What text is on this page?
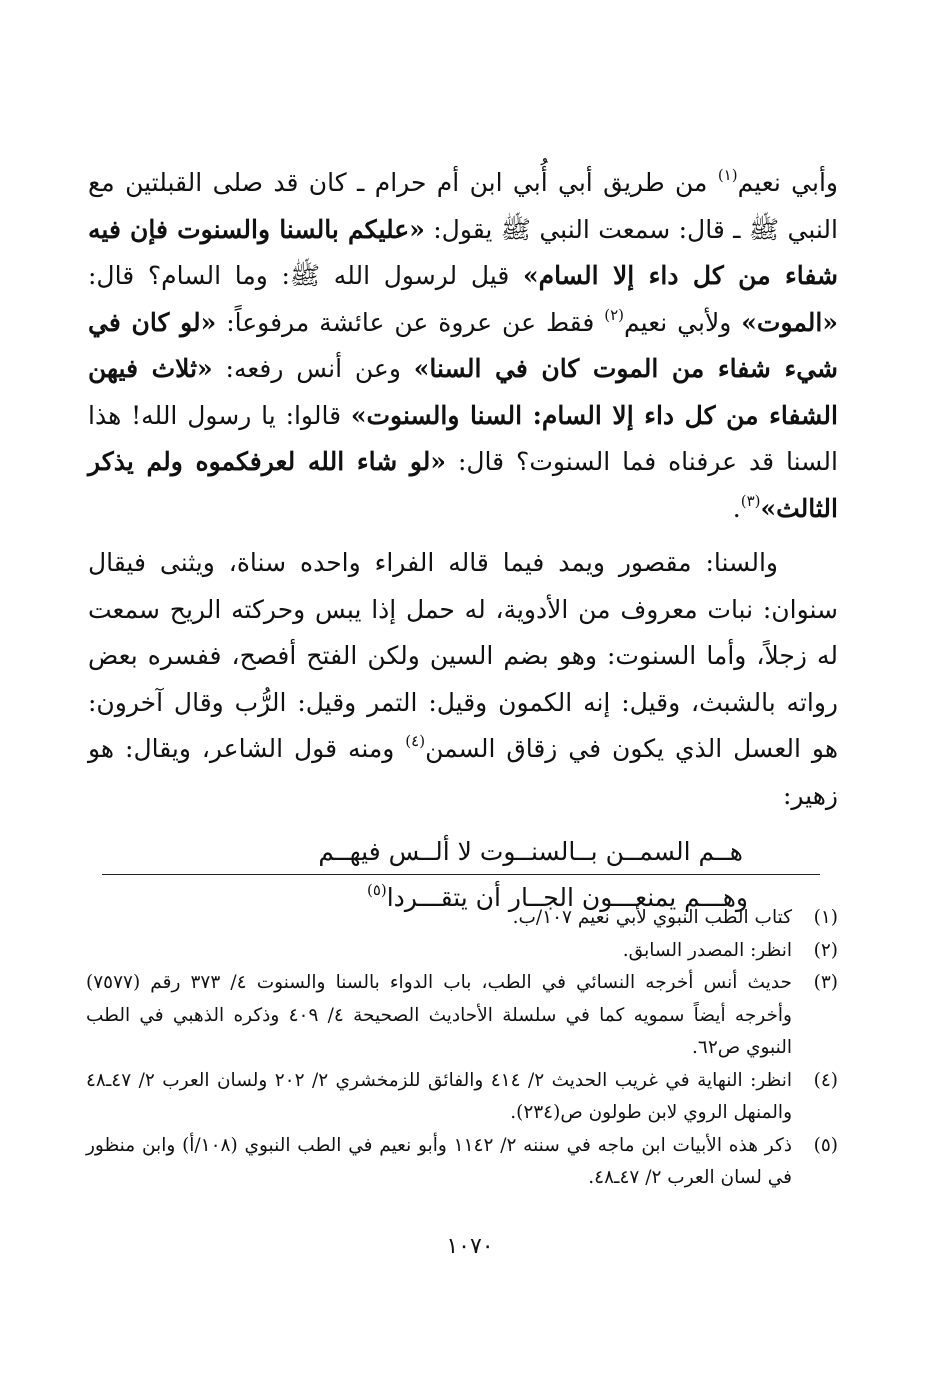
وأبي نعيم$^{(١)}$ من طريق أبي أُبي ابن أم حرام ـ كان قد صلى القبلتين مع النبي ﷺ ـ قال: سمعت النبي ﷺ يقول: «عليكم بالسنا والسنوت فإن فيه شفاء من كل داء إلا السام» قيل لرسول الله ﷺ: وما السام؟ قال: «الموت» ولأبي نعيم$^{(٢)}$ فقط عن عروة عن عائشة مرفوعاً: «لو كان في شيء شفاء من الموت كان في السنا» وعن أنس رفعه: «ثلاث فيهن الشفاء من كل داء إلا السام: السنا والسنوت» قالوا: يا رسول الله! هذا السنا قد عرفناه فما السنوت؟ قال: «لو شاء الله لعرفكموه ولم يذكر الثالث»$^{(٣)}$.

والسنا: مقصور ويمد فيما قاله الفراء واحده سناة، ويثنى فيقال سنوان: نبات معروف من الأدوية، له حمل إذا يبس وحركته الريح سمعت له زجلاً، وأما السنوت: وهو بضم السين ولكن الفتح أفصح، ففسره بعض رواته بالشبث، وقيل: إنه الكمون وقيل: التمر وقيل: الرُّب وقال آخرون: هو العسل الذي يكون في زقاق السمن$^{(٤)}$ ومنه قول الشاعر، ويقال: هو زهير:

هــم السمــن بــالسنــوت لا ألــس فيهــم
وهـــم يمنعـــون الجــار أن يتقـــردا$^{(٥)}$
(١)
كتاب الطب النبوي لأبي نعيم ١٠٧/ب.
(٢)
انظر: المصدر السابق.
(٣)
حديث أنس أخرجه النسائي في الطب، باب الدواء بالسنا والسنوت ٤/ ٣٧٣ رقم (٧٥٧٧) وأخرجه أيضاً سمويه كما في سلسلة الأحاديث الصحيحة ٤/ ٤٠٩ وذكره الذهبي في الطب النبوي ص٦٢.
(٤)
انظر: النهاية في غريب الحديث ٢/ ٤١٤ والفائق للزمخشري ٢/ ٢٠٢ ولسان العرب ٢/ ٤٧ـ٤٨ والمنهل الروي لابن طولون ص(٢٣٤).
(٥)
ذكر هذه الأبيات ابن ماجه في سننه ٢/ ١١٤٢ وأبو نعيم في الطب النبوي (١٠٨/أ) وابن منظور في لسان العرب ٢/ ٤٧ـ٤٨.
١٠٧٠
